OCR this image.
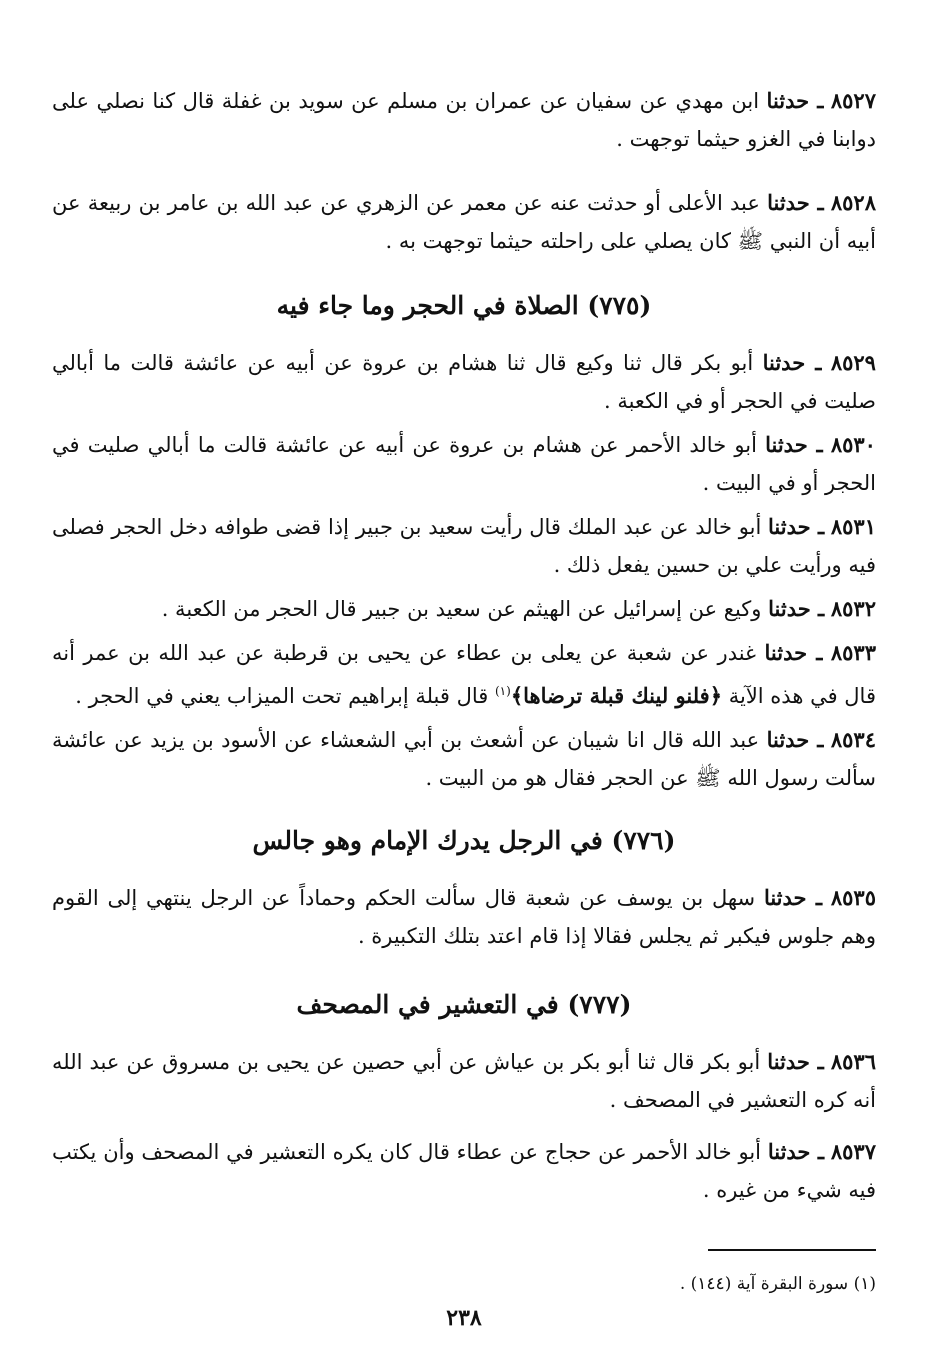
٨٥٢٧ ـ حدثنا ابن مهدي عن سفيان عن عمران بن مسلم عن سويد بن غفلة قال كنا نصلي على دوابنا في الغزو حيثما توجهت .

٨٥٢٨ ـ حدثنا عبد الأعلى أو حدثت عنه عن معمر عن الزهري عن عبد الله بن عامر بن ربيعة عن أبيه أن النبي ﷺ كان يصلي على راحلته حيثما توجهت به .

(٧٧٥) الصلاة في الحجر وما جاء فيه

٨٥٢٩ ـ حدثنا أبو بكر قال ثنا وكيع قال ثنا هشام بن عروة عن أبيه عن عائشة قالت ما أبالي صليت في الحجر أو في الكعبة .

٨٥٣٠ ـ حدثنا أبو خالد الأحمر عن هشام بن عروة عن أبيه عن عائشة قالت ما أبالي صليت في الحجر أو في البيت .

٨٥٣١ ـ حدثنا أبو خالد عن عبد الملك قال رأيت سعيد بن جبير إذا قضى طوافه دخل الحجر فصلى فيه ورأيت علي بن حسين يفعل ذلك .

٨٥٣٢ ـ حدثنا وكيع عن إسرائيل عن الهيثم عن سعيد بن جبير قال الحجر من الكعبة .

٨٥٣٣ ـ حدثنا غندر عن شعبة عن يعلى بن عطاء عن يحيى بن قرطبة عن عبد الله بن عمر أنه قال في هذه الآية ﴿فلنو لينك قبلة ترضاها﴾$^{(١)}$ قال قبلة إبراهيم تحت الميزاب يعني في الحجر .

٨٥٣٤ ـ حدثنا عبد الله قال انا شيبان عن أشعث بن أبي الشعشاء عن الأسود بن يزيد عن عائشة سألت رسول الله ﷺ عن الحجر فقال هو من البيت .

(٧٧٦) في الرجل يدرك الإمام وهو جالس

٨٥٣٥ ـ حدثنا سهل بن يوسف عن شعبة قال سألت الحكم وحماداً عن الرجل ينتهي إلى القوم وهم جلوس فيكبر ثم يجلس فقالا إذا قام اعتد بتلك التكبيرة .

(٧٧٧) في التعشير في المصحف

٨٥٣٦ ـ حدثنا أبو بكر قال ثنا أبو بكر بن عياش عن أبي حصين عن يحيى بن مسروق عن عبد الله أنه كره التعشير في المصحف .

٨٥٣٧ ـ حدثنا أبو خالد الأحمر عن حجاج عن عطاء قال كان يكره التعشير في المصحف وأن يكتب فيه شيء من غيره .

(١) سورة البقرة آية (١٤٤) .
٢٣٨
